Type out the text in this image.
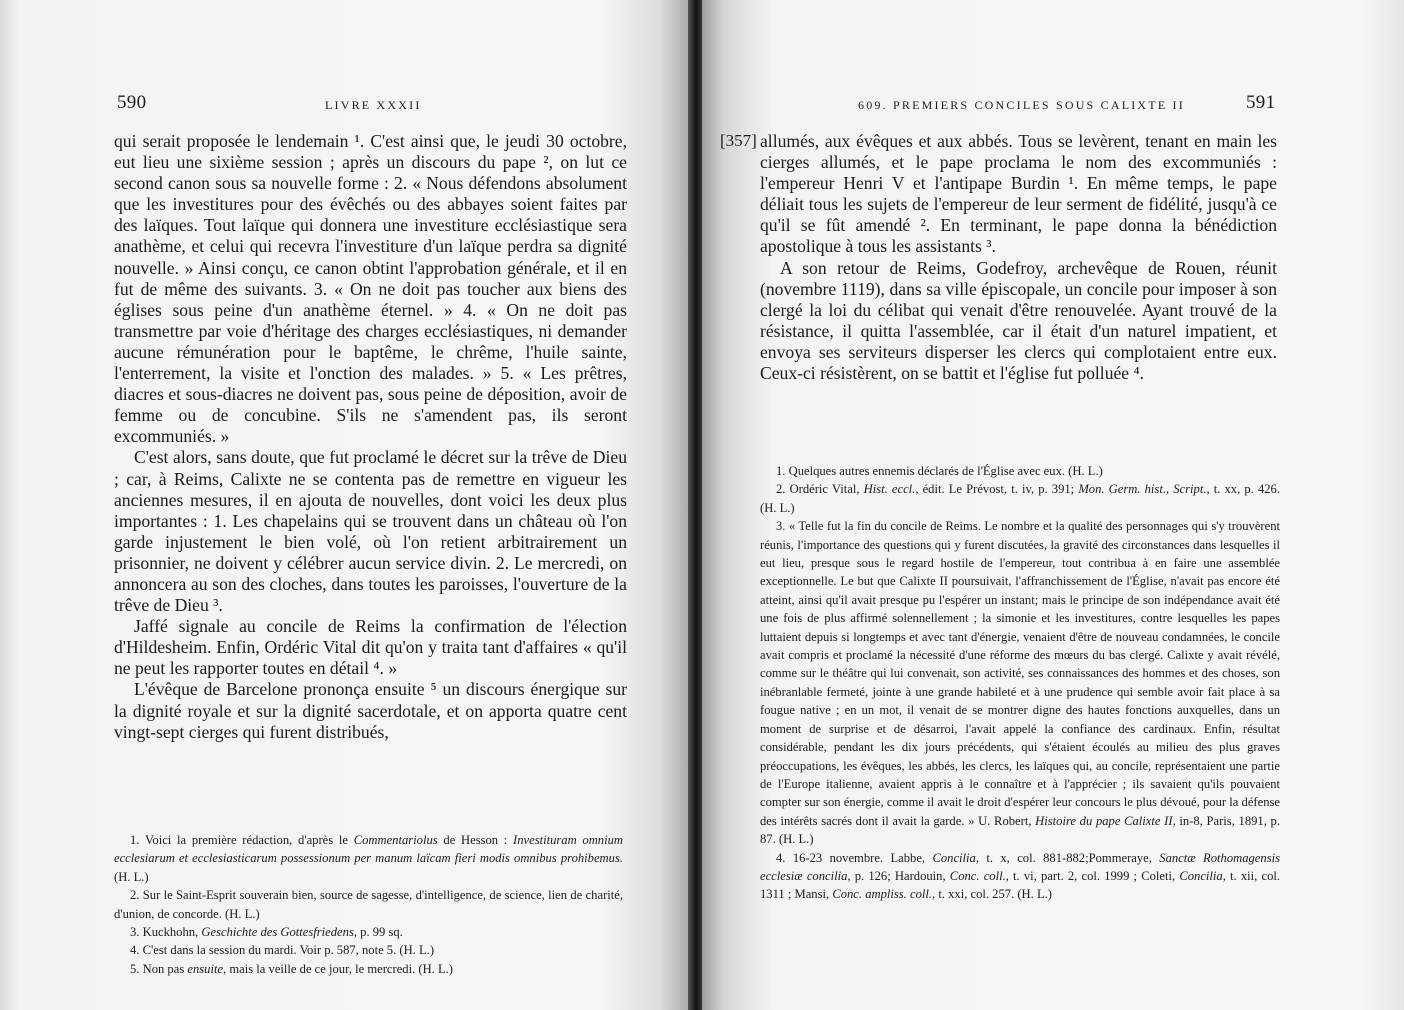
590	LIVRE XXXII

qui serait proposée le lendemain ¹. C'est ainsi que, le jeudi 30 octobre, eut lieu une sixième session ; après un discours du pape ², on lut ce second canon sous sa nouvelle forme : 2. « Nous défendons absolument que les investitures pour des évêchés ou des abbayes soient faites par des laïques. Tout laïque qui donnera une investiture ecclésiastique sera anathème, et celui qui recevra l'investiture d'un laïque perdra sa dignité nouvelle. » Ainsi conçu, ce canon obtint l'approbation générale, et il en fut de même des suivants. 3. « On ne doit pas toucher aux biens des églises sous peine d'un anathème éternel. » 4. « On ne doit pas transmettre par voie d'héritage des charges ecclésiastiques, ni demander aucune rémunération pour le baptême, le chrême, l'huile sainte, l'enterrement, la visite et l'onction des malades. » 5. « Les prêtres, diacres et sous-diacres ne doivent pas, sous peine de déposition, avoir de femme ou de concubine. S'ils ne s'amendent pas, ils seront excommuniés. »

C'est alors, sans doute, que fut proclamé le décret sur la trêve de Dieu ; car, à Reims, Calixte ne se contenta pas de remettre en vigueur les anciennes mesures, il en ajouta de nouvelles, dont voici les deux plus importantes : 1. Les chapelains qui se trouvent dans un château où l'on garde injustement le bien volé, où l'on retient arbitrairement un prisonnier, ne doivent y célébrer aucun service divin. 2. Le mercredi, on annoncera au son des cloches, dans toutes les paroisses, l'ouverture de la trêve de Dieu ³.

Jaffé signale au concile de Reims la confirmation de l'élection d'Hildesheim. Enfin, Ordéric Vital dit qu'on y traita tant d'affaires « qu'il ne peut les rapporter toutes en détail ⁴. »

L'évêque de Barcelone prononça ensuite ⁵ un discours énergique sur la dignité royale et sur la dignité sacerdotale, et on apporta quatre cent vingt-sept cierges qui furent distribués,

1. Voici la première rédaction, d'après le Commentariolus de Hesson : Investituram omnium ecclesiarum et ecclesiasticarum possessionum per manum laïcam fieri modis omnibus prohibemus. (H. L.)

2. Sur le Saint-Esprit souverain bien, source de sagesse, d'intelligence, de science, lien de charité, d'union, de concorde. (H. L.)

3. Kuckhohn, Geschichte des Gottesfriedens, p. 99 sq.

4. C'est dans la session du mardi. Voir p. 587, note 5. (H. L.)

5. Non pas ensuite, mais la veille de ce jour, le mercredi. (H. L.)

609. PREMIERS CONCILES SOUS CALIXTE II	591
[357] allumés, aux évêques et aux abbés. Tous se levèrent, tenant en main les cierges allumés, et le pape proclama le nom des excommuniés : l'empereur Henri V et l'antipape Burdin ¹. En même temps, le pape déliait tous les sujets de l'empereur de leur serment de fidélité, jusqu'à ce qu'il se fût amendé ². En terminant, le pape donna la bénédiction apostolique à tous les assistants ³.

A son retour de Reims, Godefroy, archevêque de Rouen, réunit (novembre 1119), dans sa ville épiscopale, un concile pour imposer à son clergé la loi du célibat qui venait d'être renouvelée. Ayant trouvé de la résistance, il quitta l'assemblée, car il était d'un naturel impatient, et envoya ses serviteurs disperser les clercs qui complotaient entre eux. Ceux-ci résistèrent, on se battit et l'église fut polluée ⁴.

1. Quelques autres ennemis déclarés de l'Église avec eux. (H. L.)

2. Ordéric Vital, Hist. eccl., édit. Le Prévost, t. iv, p. 391; Mon. Germ. hist., Script., t. xx, p. 426. (H. L.)

3. « Telle fut la fin du concile de Reims. Le nombre et la qualité des personnages qui s'y trouvèrent réunis, l'importance des questions qui y furent discutées, la gravité des circonstances dans lesquelles il eut lieu, presque sous le regard hostile de l'empereur, tout contribua à en faire une assemblée exceptionnelle. Le but que Calixte II poursuivait, l'affranchissement de l'Église, n'avait pas encore été atteint, ainsi qu'il avait presque pu l'espérer un instant; mais le principe de son indépendance avait été une fois de plus affirmé solennellement ; la simonie et les investitures, contre lesquelles les papes luttaient depuis si longtemps et avec tant d'énergie, venaient d'être de nouveau condamnées, le concile avait compris et proclamé la nécessité d'une réforme des mœurs du bas clergé. Calixte y avait révélé, comme sur le théâtre qui lui convenait, son activité, ses connaissances des hommes et des choses, son inébranlable fermeté, jointe à une grande habileté et à une prudence qui semble avoir fait place à sa fougue native ; en un mot, il venait de se montrer digne des hautes fonctions auxquelles, dans un moment de surprise et de désarroi, l'avait appelé la confiance des cardinaux. Enfin, résultat considérable, pendant les dix jours précédents, qui s'étaient écoulés au milieu des plus graves préoccupations, les évêques, les abbés, les clercs, les laïques qui, au concile, représentaient une partie de l'Europe italienne, avaient appris à le connaître et à l'apprécier ; ils savaient qu'ils pouvaient compter sur son énergie, comme il avait le droit d'espérer leur concours le plus dévoué, pour la défense des intérêts sacrés dont il avait la garde. » U. Robert, Histoire du pape Calixte II, in-8, Paris, 1891, p. 87. (H. L.)

4. 16-23 novembre. Labbe, Concilia, t. x, col. 881-882;Pommeraye, Sanctæ Rothomagensis ecclesiæ concilia, p. 126; Hardouin, Conc. coll., t. vi, part. 2, col. 1999 ; Coleti, Concilia, t. xii, col. 1311 ; Mansi, Conc. ampliss. coll., t. xxi, col. 257. (H. L.)
